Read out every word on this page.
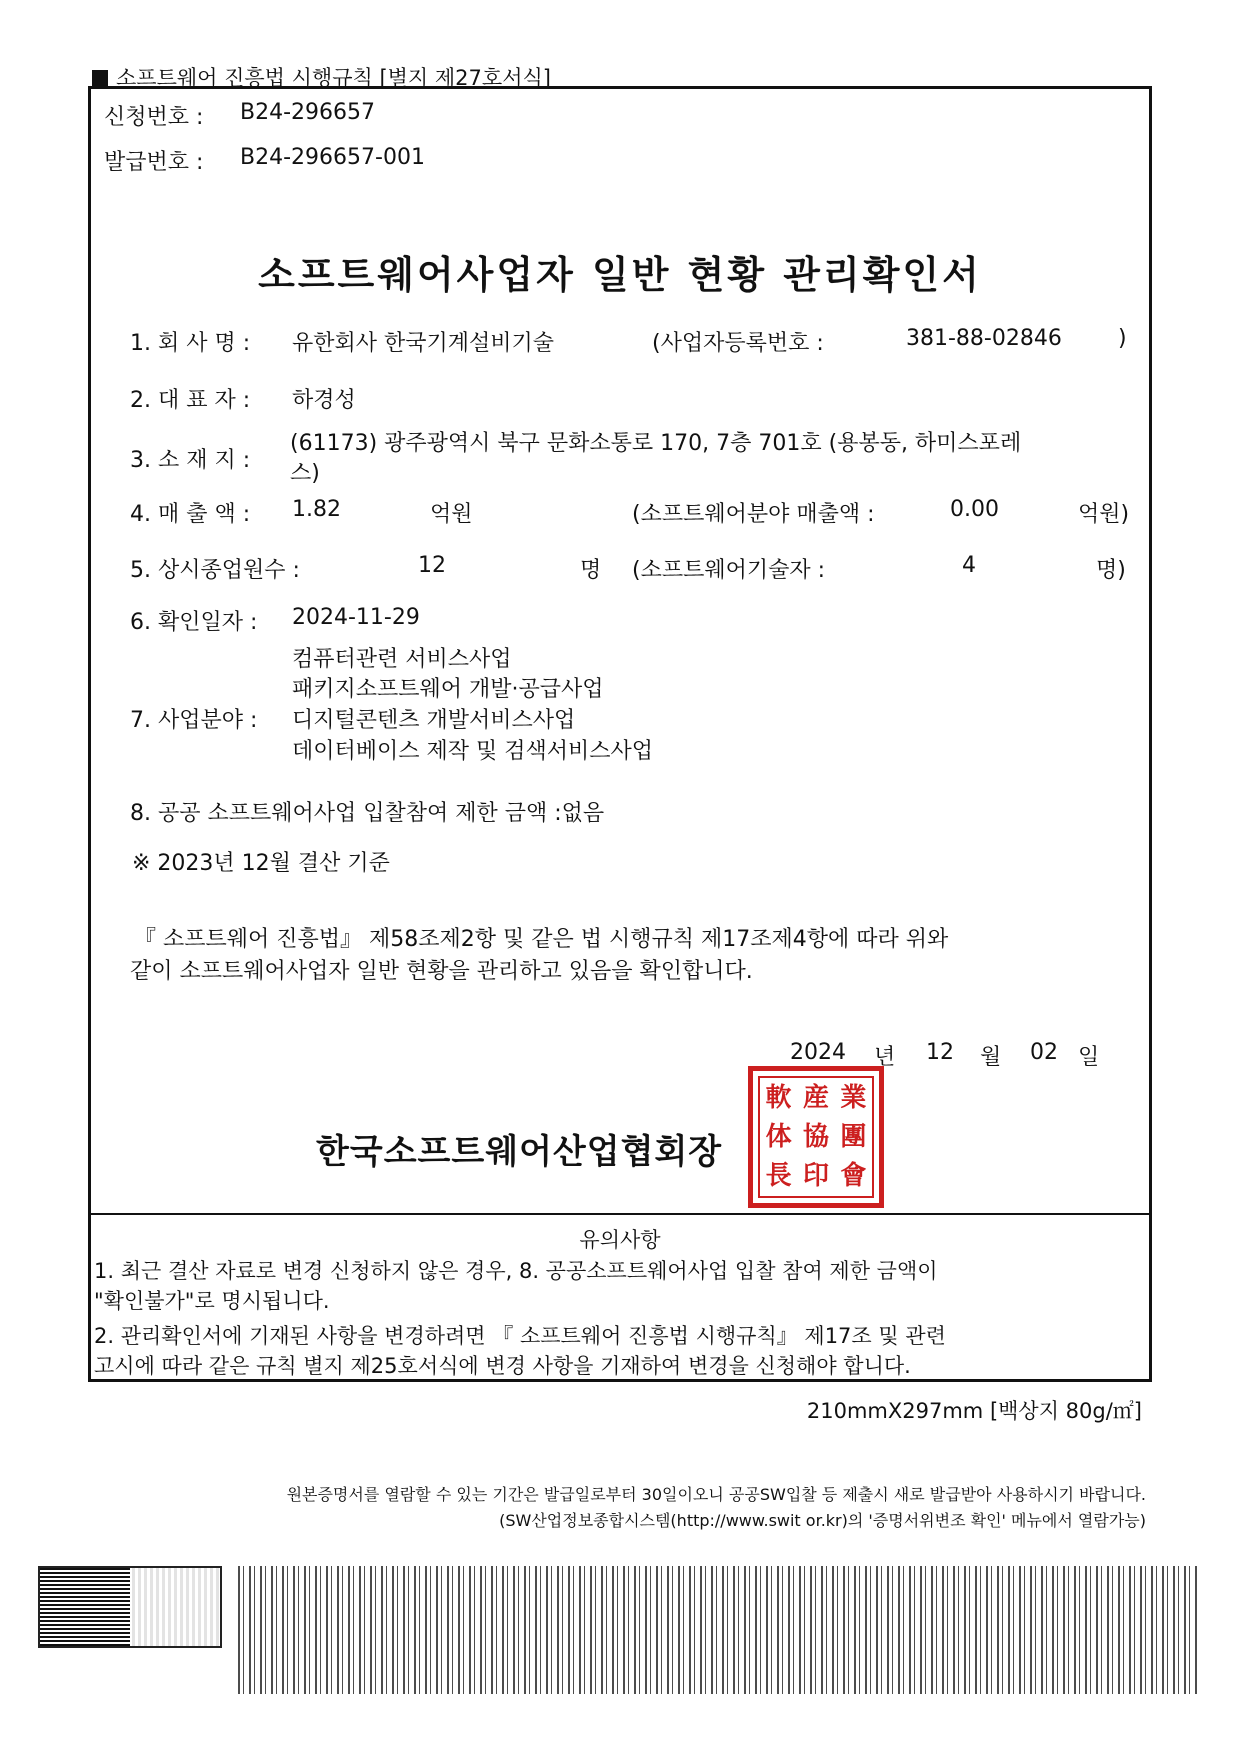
소프트웨어 진흥법 시행규칙 [별지 제27호서식]
신청번호 : B24-296657
발급번호 : B24-296657-001
소프트웨어사업자 일반 현황 관리확인서
1. 회 사 명 : 유한회사 한국기계설비기술	(사업자등록번호 :	381-88-02846	)
2. 대 표 자 : 하경성
3. 소 재 지 :
(61173) 광주광역시 북구 문화소통로 170, 7층 701호 (용봉동, 하미스포레
스)
4. 매 출 액 : 1.82	억원	(소프트웨어분야 매출액 :	0.00	억원)
5. 상시종업원수 :	12	명 (소프트웨어기술자 :	4	명)
6. 확인일자 : 2024-11-29
7. 사업분야 :
컴퓨터관련 서비스사업
패키지소프트웨어 개발·공급사업
디지털콘텐츠 개발서비스사업
데이터베이스 제작 및 검색서비스사업
8. 공공 소프트웨어사업 입찰참여 제한 금액 :없음
※ 2023년 12월 결산 기준
『 소프트웨어 진흥법』 제58조제2항 및 같은 법 시행규칙 제17조제4항에 따라 위와
같이 소프트웨어사업자 일반 현황을 관리하고 있음을 확인합니다.
2024 년 12 월 02 일
한국소프트웨어산업협회장
軟 産 業
体 協 團
長 印 會
유의사항
1. 최근 결산 자료로 변경 신청하지 않은 경우, 8. 공공소프트웨어사업 입찰 참여 제한 금액이
"확인불가"로 명시됩니다.
2. 관리확인서에 기재된 사항을 변경하려면 『 소프트웨어 진흥법 시행규칙』 제17조 및 관련
고시에 따라 같은 규칙 별지 제25호서식에 변경 사항을 기재하여 변경을 신청해야 합니다.
210mmX297mm [백상지 80g/㎡]
원본증명서를 열람할 수 있는 기간은 발급일로부터 30일이오니 공공SW입찰 등 제출시 새로 발급받아 사용하시기 바랍니다.
(SW산업정보종합시스템(http://www.swit or.kr)의 '증명서위변조 확인' 메뉴에서 열람가능)
